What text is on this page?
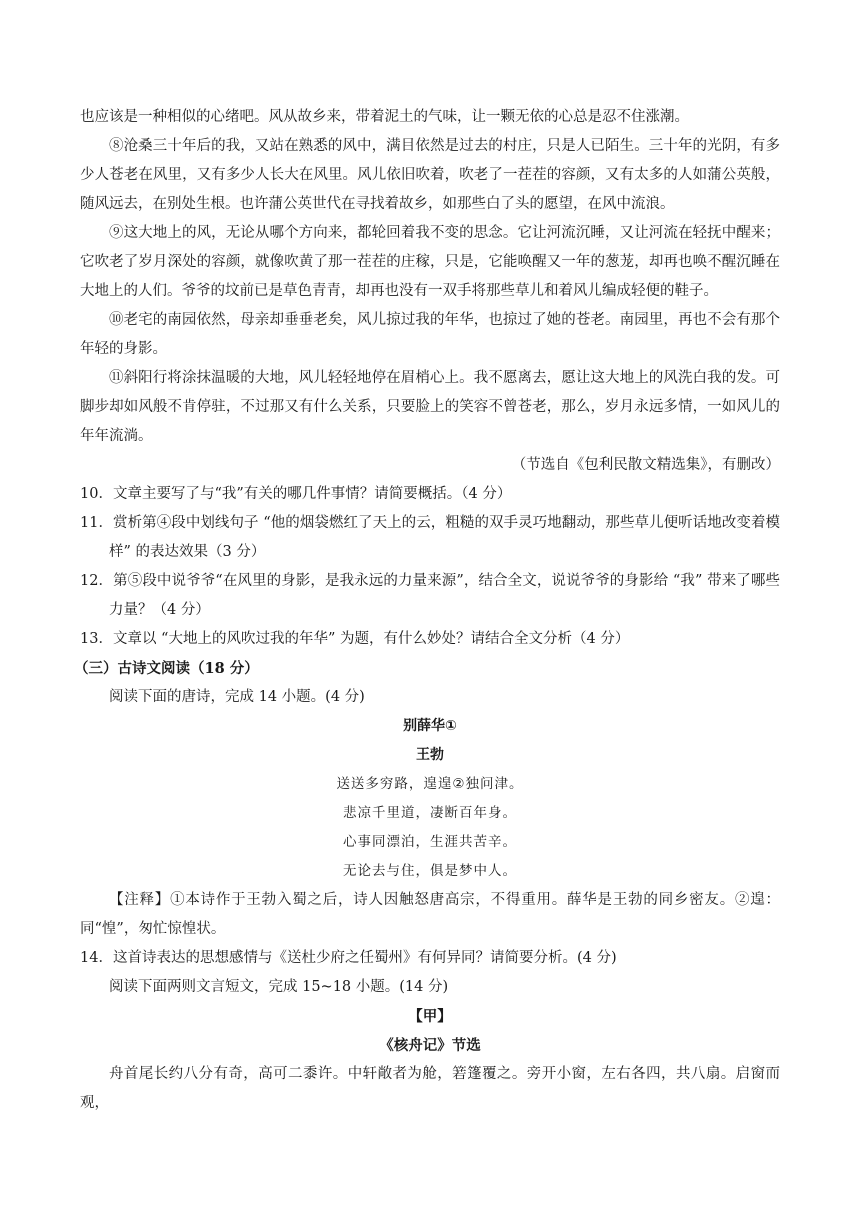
也应该是一种相似的心绪吧。风从故乡来，带着泥土的气味，让一颗无依的心总是忍不住涨潮。

⑧沧桑三十年后的我，又站在熟悉的风中，满目依然是过去的村庄，只是人已陌生。三十年的光阴，有多少人苍老在风里，又有多少人长大在风里。风儿依旧吹着，吹老了一茬茬的容颜，又有太多的人如蒲公英般，随风远去，在别处生根。也许蒲公英世代在寻找着故乡，如那些白了头的愿望，在风中流浪。

⑨这大地上的风，无论从哪个方向来，都轮回着我不变的思念。它让河流沉睡，又让河流在轻抚中醒来；它吹老了岁月深处的容颜，就像吹黄了那一茬茬的庄稼，只是，它能唤醒又一年的葱茏，却再也唤不醒沉睡在大地上的人们。爷爷的坟前已是草色青青，却再也没有一双手将那些草儿和着风儿编成轻便的鞋子。

⑩老宅的南园依然，母亲却垂垂老矣，风儿掠过我的年华，也掠过了她的苍老。南园里，再也不会有那个年轻的身影。

⑪斜阳行将涂抹温暖的大地，风儿轻轻地停在眉梢心上。我不愿离去，愿让这大地上的风洗白我的发。可脚步却如风般不肯停驻，不过那又有什么关系，只要脸上的笑容不曾苍老，那么，岁月永远多情，一如风儿的年年流淌。

（节选自《包利民散文精选集》，有删改）

10．文章主要写了与“我”有关的哪几件事情？请简要概括。（4 分）

11．赏析第④段中划线句子 “他的烟袋燃红了天上的云，粗糙的双手灵巧地翻动，那些草儿便听话地改变着模样” 的表达效果（3 分）

12．第⑤段中说爷爷“在风里的身影，是我永远的力量来源”，结合全文，说说爷爷的身影给 “我” 带来了哪些力量？（4 分）

13．文章以 “大地上的风吹过我的年华” 为题，有什么妙处？请结合全文分析（4 分）

（三）古诗文阅读（18 分）

阅读下面的唐诗，完成 14 小题。(4 分)

别薛华①

王勃

送送多穷路，遑遑②独问津。

悲凉千里道，凄断百年身。

心事同漂泊，生涯共苦辛。

无论去与住，俱是梦中人。

【注释】①本诗作于王勃入蜀之后，诗人因触怒唐高宗，不得重用。薛华是王勃的同乡密友。②遑：同“惶”，匆忙惊惶状。

14．这首诗表达的思想感情与《送杜少府之任蜀州》有何异同？请简要分析。(4 分)

阅读下面两则文言短文，完成 15~18 小题。(14 分)

【甲】

《核舟记》节选

舟首尾长约八分有奇，高可二黍许。中轩敞者为舱，箬篷覆之。旁开小窗，左右各四，共八扇。启窗而观，
